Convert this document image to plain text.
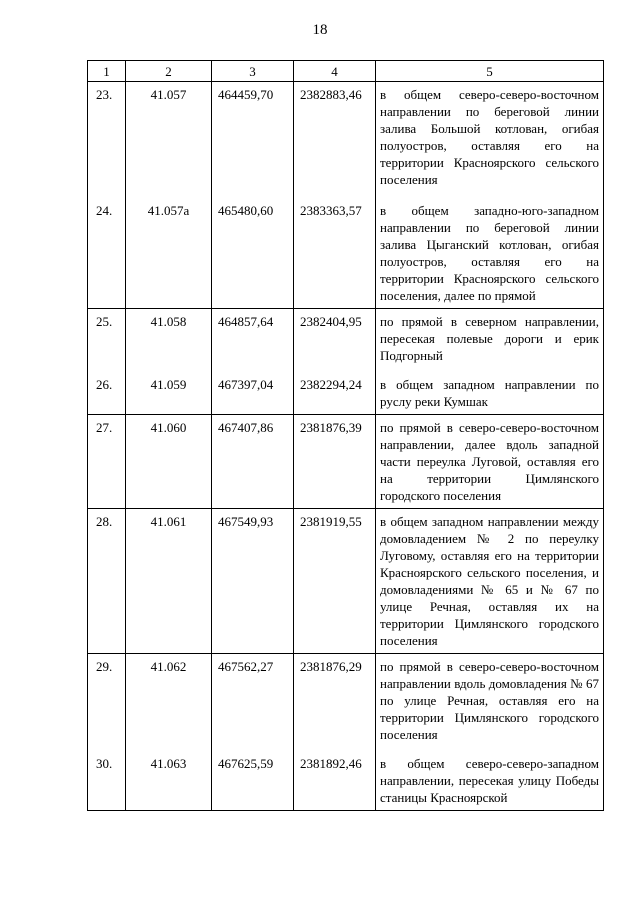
18
1	2	3	4	5
23.	41.057	464459,70	2382883,46	в общем северо-северо-восточном направлении по береговой линии залива Большой котлован, огибая полуостров, оставляя его на территории Красноярского сельского поселения
24.	41.057а	465480,60	2383363,57	в общем западно-юго-западном направлении по береговой линии залива Цыганский котлован, огибая полуостров, оставляя его на территории Красноярского сельского поселения, далее по прямой
25.	41.058	464857,64	2382404,95	по прямой в северном направлении, пересекая полевые дороги и ерик Подгорный
26.	41.059	467397,04	2382294,24	в общем западном направлении по руслу реки Кумшак
27.	41.060	467407,86	2381876,39	по прямой в северо-северо-восточном направлении, далее вдоль западной части переулка Луговой, оставляя его на территории Цимлянского городского поселения
28.	41.061	467549,93	2381919,55	в общем западном направлении между домовладением № 2 по переулку Луговому, оставляя его на территории Красноярского сельского поселения, и домовладениями № 65 и № 67 по улице Речная, оставляя их на территории Цимлянского городского поселения
29.	41.062	467562,27	2381876,29	по прямой в северо-северо-восточном направлении вдоль домовладения № 67 по улице Речная, оставляя его на территории Цимлянского городского поселения
30.	41.063	467625,59	2381892,46	в общем северо-северо-западном направлении, пересекая улицу Победы станицы Красноярской
